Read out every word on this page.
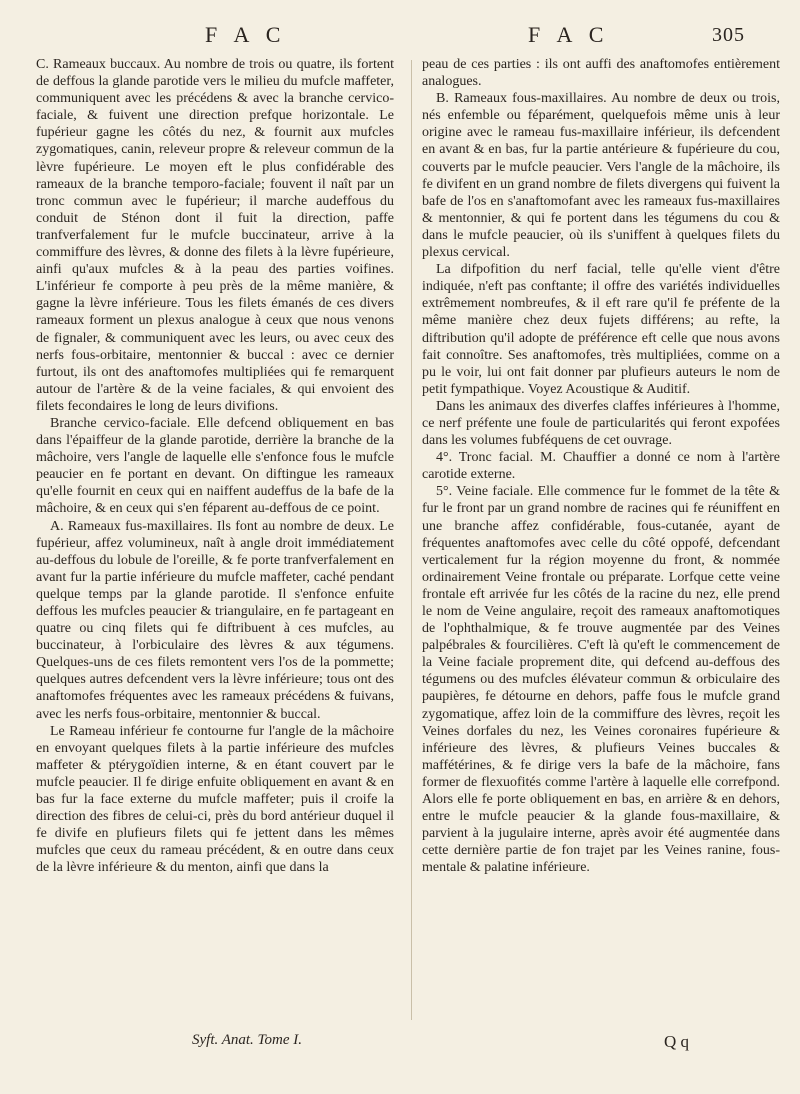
F A C	F A C	305

C. Rameaux buccaux. Au nombre de trois ou quatre, ils fortent de deffous la glande parotide vers le milieu du mufcle maffeter, communiquent avec les précédens & avec la branche cervico-faciale, & fuivent une direction prefque horizontale. Le fupérieur gagne les côtés du nez, & fournit aux mufcles zygomatiques, canin, releveur propre & releveur commun de la lèvre fupérieure. Le moyen eft le plus confidérable des rameaux de la branche temporo-faciale; fouvent il naît par un tronc commun avec le fupérieur; il marche audeffous du conduit de Sténon dont il fuit la direction, paffe tranfverfalement fur le mufcle buccinateur, arrive à la commiffure des lèvres, & donne des filets à la lèvre fupérieure, ainfi qu'aux mufcles & à la peau des parties voifines. L'inférieur fe comporte à peu près de la même manière, & gagne la lèvre inférieure. Tous les filets émanés de ces divers rameaux forment un plexus analogue à ceux que nous venons de fignaler, & communiquent avec les leurs, ou avec ceux des nerfs fous-orbitaire, mentonnier & buccal : avec ce dernier furtout, ils ont des anaftomofes multipliées qui fe remarquent autour de l'artère & de la veine faciales, & qui envoient des filets fecondaires le long de leurs divifions.

Branche cervico-faciale. Elle defcend obliquement en bas dans l'épaiffeur de la glande parotide, derrière la branche de la mâchoire, vers l'angle de laquelle elle s'enfonce fous le mufcle peaucier en fe portant en devant. On diftingue les rameaux qu'elle fournit en ceux qui en naiffent audeffus de la bafe de la mâchoire, & en ceux qui s'en féparent au-deffous de ce point.

A. Rameaux fus-maxillaires. Ils font au nombre de deux. Le fupérieur, affez volumineux, naît à angle droit immédiatement au-deffous du lobule de l'oreille, & fe porte tranfverfalement en avant fur la partie inférieure du mufcle maffeter, caché pendant quelque temps par la glande parotide. Il s'enfonce enfuite deffous les mufcles peaucier & triangulaire, en fe partageant en quatre ou cinq filets qui fe diftribuent à ces mufcles, au buccinateur, à l'orbiculaire des lèvres & aux tégumens. Quelques-uns de ces filets remontent vers l'os de la pommette; quelques autres defcendent vers la lèvre inférieure; tous ont des anaftomofes fréquentes avec les rameaux précédens & fuivans, avec les nerfs fous-orbitaire, mentonnier & buccal.

Le Rameau inférieur fe contourne fur l'angle de la mâchoire en envoyant quelques filets à la partie inférieure des mufcles maffeter & ptérygoïdien interne, & en étant couvert par le mufcle peaucier. Il fe dirige enfuite obliquement en avant & en bas fur la face externe du mufcle maffeter; puis il croife la direction des fibres de celui-ci, près du bord antérieur duquel il fe divife en plufieurs filets qui fe jettent dans les mêmes mufcles que ceux du rameau précédent, & en outre dans ceux de la lèvre inférieure & du menton, ainfi que dans la

peau de ces parties : ils ont auffi des anaftomofes entièrement analogues.

B. Rameaux fous-maxillaires. Au nombre de deux ou trois, nés enfemble ou féparément, quelquefois même unis à leur origine avec le rameau fus-maxillaire inférieur, ils defcendent en avant & en bas, fur la partie antérieure & fupérieure du cou, couverts par le mufcle peaucier. Vers l'angle de la mâchoire, ils fe divifent en un grand nombre de filets divergens qui fuivent la bafe de l'os en s'anaftomofant avec les rameaux fus-maxillaires & mentonnier, & qui fe portent dans les tégumens du cou & dans le mufcle peaucier, où ils s'uniffent à quelques filets du plexus cervical.

La difpofition du nerf facial, telle qu'elle vient d'être indiquée, n'eft pas conftante; il offre des variétés individuelles extrêmement nombreufes, & il eft rare qu'il fe préfente de la même manière chez deux fujets différens; au refte, la diftribution qu'il adopte de préférence eft celle que nous avons fait connoître. Ses anaftomofes, très multipliées, comme on a pu le voir, lui ont fait donner par plufieurs auteurs le nom de petit fympathique. Voyez Acoustique & Auditif.

Dans les animaux des diverfes claffes inférieures à l'homme, ce nerf préfente une foule de particularités qui feront expofées dans les volumes fubféquens de cet ouvrage.

4°. Tronc facial. M. Chauffier a donné ce nom à l'artère carotide externe.

5°. Veine faciale. Elle commence fur le fommet de la tête & fur le front par un grand nombre de racines qui fe réuniffent en une branche affez confidérable, fous-cutanée, ayant de fréquentes anaftomofes avec celle du côté oppofé, defcendant verticalement fur la région moyenne du front, & nommée ordinairement Veine frontale ou préparate. Lorfque cette veine frontale eft arrivée fur les côtés de la racine du nez, elle prend le nom de Veine angulaire, reçoit des rameaux anaftomotiques de l'ophthalmique, & fe trouve augmentée par des Veines palpébrales & fourcilières. C'eft là qu'eft le commencement de la Veine faciale proprement dite, qui defcend au-deffous des tégumens ou des mufcles élévateur commun & orbiculaire des paupières, fe détourne en dehors, paffe fous le mufcle grand zygomatique, affez loin de la commiffure des lèvres, reçoit les Veines dorfales du nez, les Veines coronaires fupérieure & inférieure des lèvres, & plufieurs Veines buccales & maffétérines, & fe dirige vers la bafe de la mâchoire, fans former de flexuofités comme l'artère à laquelle elle correfpond. Alors elle fe porte obliquement en bas, en arrière & en dehors, entre le mufcle peaucier & la glande fous-maxillaire, & parvient à la jugulaire interne, après avoir été augmentée dans cette dernière partie de fon trajet par les Veines ranine, fous-mentale & palatine inférieure.

Syft. Anat. Tome I.	Q q
